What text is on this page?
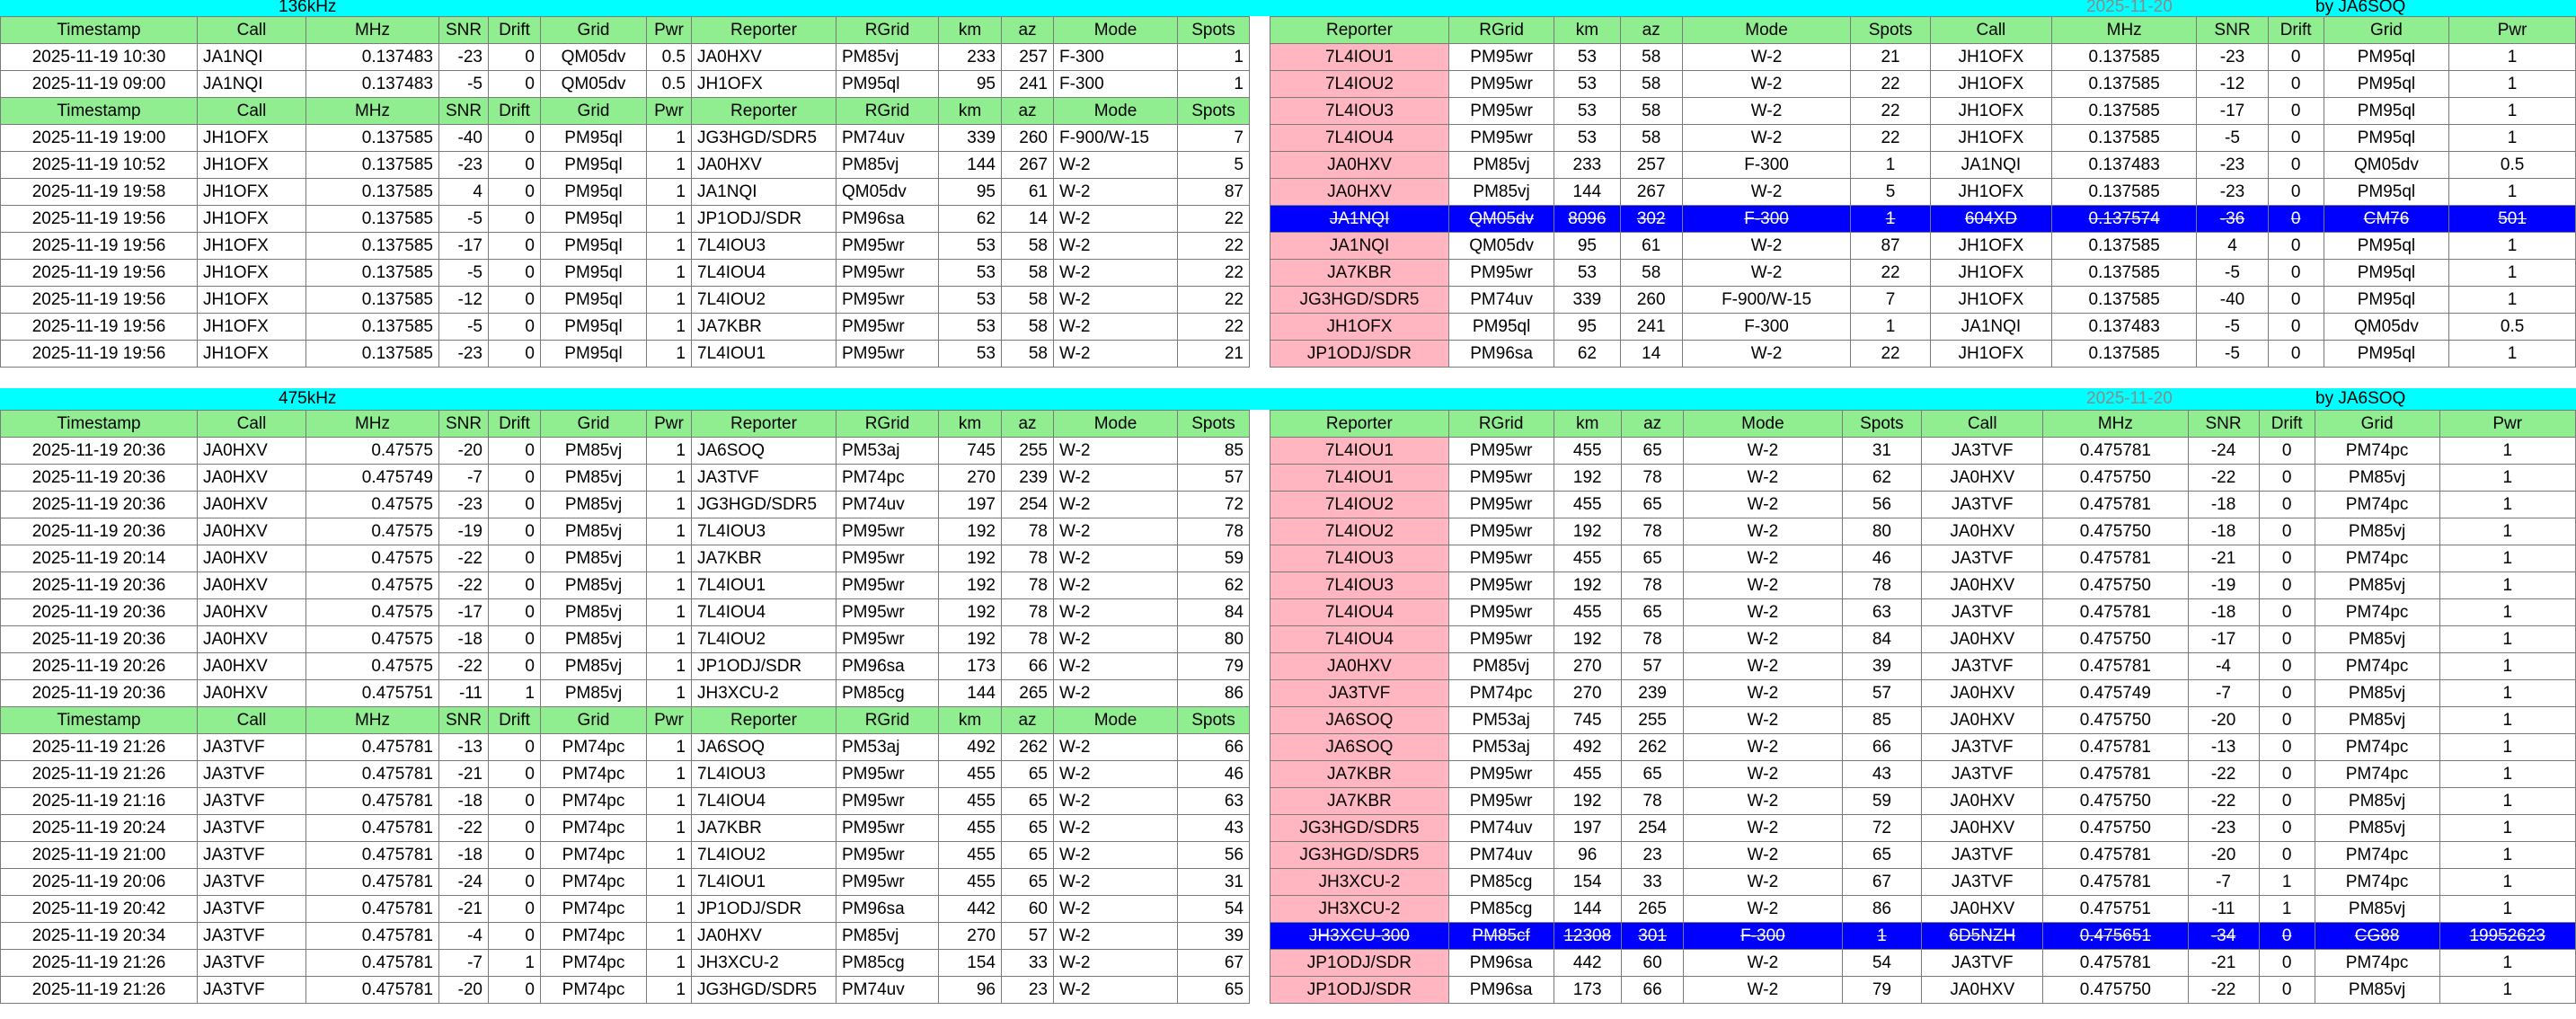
136kHz	2025-11-20	by JA6SOQ
475kHz	2025-11-20	by JA6SOQ
Timestamp	Call	MHz	SNR	Drift	Grid	Pwr	Reporter	RGrid	km	az	Mode	Spots
2025-11-19 10:30	JA1NQI	0.137483	-23	0	QM05dv	0.5	JA0HXV	PM85vj	233	257	F-300	1
2025-11-19 09:00	JA1NQI	0.137483	-5	0	QM05dv	0.5	JH1OFX	PM95ql	95	241	F-300	1
Timestamp	Call	MHz	SNR	Drift	Grid	Pwr	Reporter	RGrid	km	az	Mode	Spots
2025-11-19 19:00	JH1OFX	0.137585	-40	0	PM95ql	1	JG3HGD/SDR5	PM74uv	339	260	F-900/W-15	7
2025-11-19 10:52	JH1OFX	0.137585	-23	0	PM95ql	1	JA0HXV	PM85vj	144	267	W-2	5
2025-11-19 19:58	JH1OFX	0.137585	4	0	PM95ql	1	JA1NQI	QM05dv	95	61	W-2	87
2025-11-19 19:56	JH1OFX	0.137585	-5	0	PM95ql	1	JP1ODJ/SDR	PM96sa	62	14	W-2	22
2025-11-19 19:56	JH1OFX	0.137585	-17	0	PM95ql	1	7L4IOU3	PM95wr	53	58	W-2	22
2025-11-19 19:56	JH1OFX	0.137585	-5	0	PM95ql	1	7L4IOU4	PM95wr	53	58	W-2	22
2025-11-19 19:56	JH1OFX	0.137585	-12	0	PM95ql	1	7L4IOU2	PM95wr	53	58	W-2	22
2025-11-19 19:56	JH1OFX	0.137585	-5	0	PM95ql	1	JA7KBR	PM95wr	53	58	W-2	22
2025-11-19 19:56	JH1OFX	0.137585	-23	0	PM95ql	1	7L4IOU1	PM95wr	53	58	W-2	21
Timestamp	Call	MHz	SNR	Drift	Grid	Pwr	Reporter	RGrid	km	az	Mode	Spots
2025-11-19 20:36	JA0HXV	0.47575	-20	0	PM85vj	1	JA6SOQ	PM53aj	745	255	W-2	85
2025-11-19 20:36	JA0HXV	0.475749	-7	0	PM85vj	1	JA3TVF	PM74pc	270	239	W-2	57
2025-11-19 20:36	JA0HXV	0.47575	-23	0	PM85vj	1	JG3HGD/SDR5	PM74uv	197	254	W-2	72
2025-11-19 20:36	JA0HXV	0.47575	-19	0	PM85vj	1	7L4IOU3	PM95wr	192	78	W-2	78
2025-11-19 20:14	JA0HXV	0.47575	-22	0	PM85vj	1	JA7KBR	PM95wr	192	78	W-2	59
2025-11-19 20:36	JA0HXV	0.47575	-22	0	PM85vj	1	7L4IOU1	PM95wr	192	78	W-2	62
2025-11-19 20:36	JA0HXV	0.47575	-17	0	PM85vj	1	7L4IOU4	PM95wr	192	78	W-2	84
2025-11-19 20:36	JA0HXV	0.47575	-18	0	PM85vj	1	7L4IOU2	PM95wr	192	78	W-2	80
2025-11-19 20:26	JA0HXV	0.47575	-22	0	PM85vj	1	JP1ODJ/SDR	PM96sa	173	66	W-2	79
2025-11-19 20:36	JA0HXV	0.475751	-11	1	PM85vj	1	JH3XCU-2	PM85cg	144	265	W-2	86
Timestamp	Call	MHz	SNR	Drift	Grid	Pwr	Reporter	RGrid	km	az	Mode	Spots
2025-11-19 21:26	JA3TVF	0.475781	-13	0	PM74pc	1	JA6SOQ	PM53aj	492	262	W-2	66
2025-11-19 21:26	JA3TVF	0.475781	-21	0	PM74pc	1	7L4IOU3	PM95wr	455	65	W-2	46
2025-11-19 21:16	JA3TVF	0.475781	-18	0	PM74pc	1	7L4IOU4	PM95wr	455	65	W-2	63
2025-11-19 20:24	JA3TVF	0.475781	-22	0	PM74pc	1	JA7KBR	PM95wr	455	65	W-2	43
2025-11-19 21:00	JA3TVF	0.475781	-18	0	PM74pc	1	7L4IOU2	PM95wr	455	65	W-2	56
2025-11-19 20:06	JA3TVF	0.475781	-24	0	PM74pc	1	7L4IOU1	PM95wr	455	65	W-2	31
2025-11-19 20:42	JA3TVF	0.475781	-21	0	PM74pc	1	JP1ODJ/SDR	PM96sa	442	60	W-2	54
2025-11-19 20:34	JA3TVF	0.475781	-4	0	PM74pc	1	JA0HXV	PM85vj	270	57	W-2	39
2025-11-19 21:26	JA3TVF	0.475781	-7	1	PM74pc	1	JH3XCU-2	PM85cg	154	33	W-2	67
2025-11-19 21:26	JA3TVF	0.475781	-20	0	PM74pc	1	JG3HGD/SDR5	PM74uv	96	23	W-2	65
Reporter	RGrid	km	az	Mode	Spots	Call	MHz	SNR	Drift	Grid	Pwr
7L4IOU1	PM95wr	53	58	W-2	21	JH1OFX	0.137585	-23	0	PM95ql	1
7L4IOU2	PM95wr	53	58	W-2	22	JH1OFX	0.137585	-12	0	PM95ql	1
7L4IOU3	PM95wr	53	58	W-2	22	JH1OFX	0.137585	-17	0	PM95ql	1
7L4IOU4	PM95wr	53	58	W-2	22	JH1OFX	0.137585	-5	0	PM95ql	1
JA0HXV	PM85vj	233	257	F-300	1	JA1NQI	0.137483	-23	0	QM05dv	0.5
JA0HXV	PM85vj	144	267	W-2	5	JH1OFX	0.137585	-23	0	PM95ql	1
JA1NQI	QM05dv	8096	302	F-300	1	604XD	0.137574	-36	0	CM76	501
JA1NQI	QM05dv	95	61	W-2	87	JH1OFX	0.137585	4	0	PM95ql	1
JA7KBR	PM95wr	53	58	W-2	22	JH1OFX	0.137585	-5	0	PM95ql	1
JG3HGD/SDR5	PM74uv	339	260	F-900/W-15	7	JH1OFX	0.137585	-40	0	PM95ql	1
JH1OFX	PM95ql	95	241	F-300	1	JA1NQI	0.137483	-5	0	QM05dv	0.5
JP1ODJ/SDR	PM96sa	62	14	W-2	22	JH1OFX	0.137585	-5	0	PM95ql	1
Reporter	RGrid	km	az	Mode	Spots	Call	MHz	SNR	Drift	Grid	Pwr
7L4IOU1	PM95wr	455	65	W-2	31	JA3TVF	0.475781	-24	0	PM74pc	1
7L4IOU1	PM95wr	192	78	W-2	62	JA0HXV	0.475750	-22	0	PM85vj	1
7L4IOU2	PM95wr	455	65	W-2	56	JA3TVF	0.475781	-18	0	PM74pc	1
7L4IOU2	PM95wr	192	78	W-2	80	JA0HXV	0.475750	-18	0	PM85vj	1
7L4IOU3	PM95wr	455	65	W-2	46	JA3TVF	0.475781	-21	0	PM74pc	1
7L4IOU3	PM95wr	192	78	W-2	78	JA0HXV	0.475750	-19	0	PM85vj	1
7L4IOU4	PM95wr	455	65	W-2	63	JA3TVF	0.475781	-18	0	PM74pc	1
7L4IOU4	PM95wr	192	78	W-2	84	JA0HXV	0.475750	-17	0	PM85vj	1
JA0HXV	PM85vj	270	57	W-2	39	JA3TVF	0.475781	-4	0	PM74pc	1
JA3TVF	PM74pc	270	239	W-2	57	JA0HXV	0.475749	-7	0	PM85vj	1
JA6SOQ	PM53aj	745	255	W-2	85	JA0HXV	0.475750	-20	0	PM85vj	1
JA6SOQ	PM53aj	492	262	W-2	66	JA3TVF	0.475781	-13	0	PM74pc	1
JA7KBR	PM95wr	455	65	W-2	43	JA3TVF	0.475781	-22	0	PM74pc	1
JA7KBR	PM95wr	192	78	W-2	59	JA0HXV	0.475750	-22	0	PM85vj	1
JG3HGD/SDR5	PM74uv	197	254	W-2	72	JA0HXV	0.475750	-23	0	PM85vj	1
JG3HGD/SDR5	PM74uv	96	23	W-2	65	JA3TVF	0.475781	-20	0	PM74pc	1
JH3XCU-2	PM85cg	154	33	W-2	67	JA3TVF	0.475781	-7	1	PM74pc	1
JH3XCU-2	PM85cg	144	265	W-2	86	JA0HXV	0.475751	-11	1	PM85vj	1
JH3XCU-300	PM85cf	12308	301	F-300	1	6D5NZH	0.475651	-34	0	CG88	19952623
JP1ODJ/SDR	PM96sa	442	60	W-2	54	JA3TVF	0.475781	-21	0	PM74pc	1
JP1ODJ/SDR	PM96sa	173	66	W-2	79	JA0HXV	0.475750	-22	0	PM85vj	1
